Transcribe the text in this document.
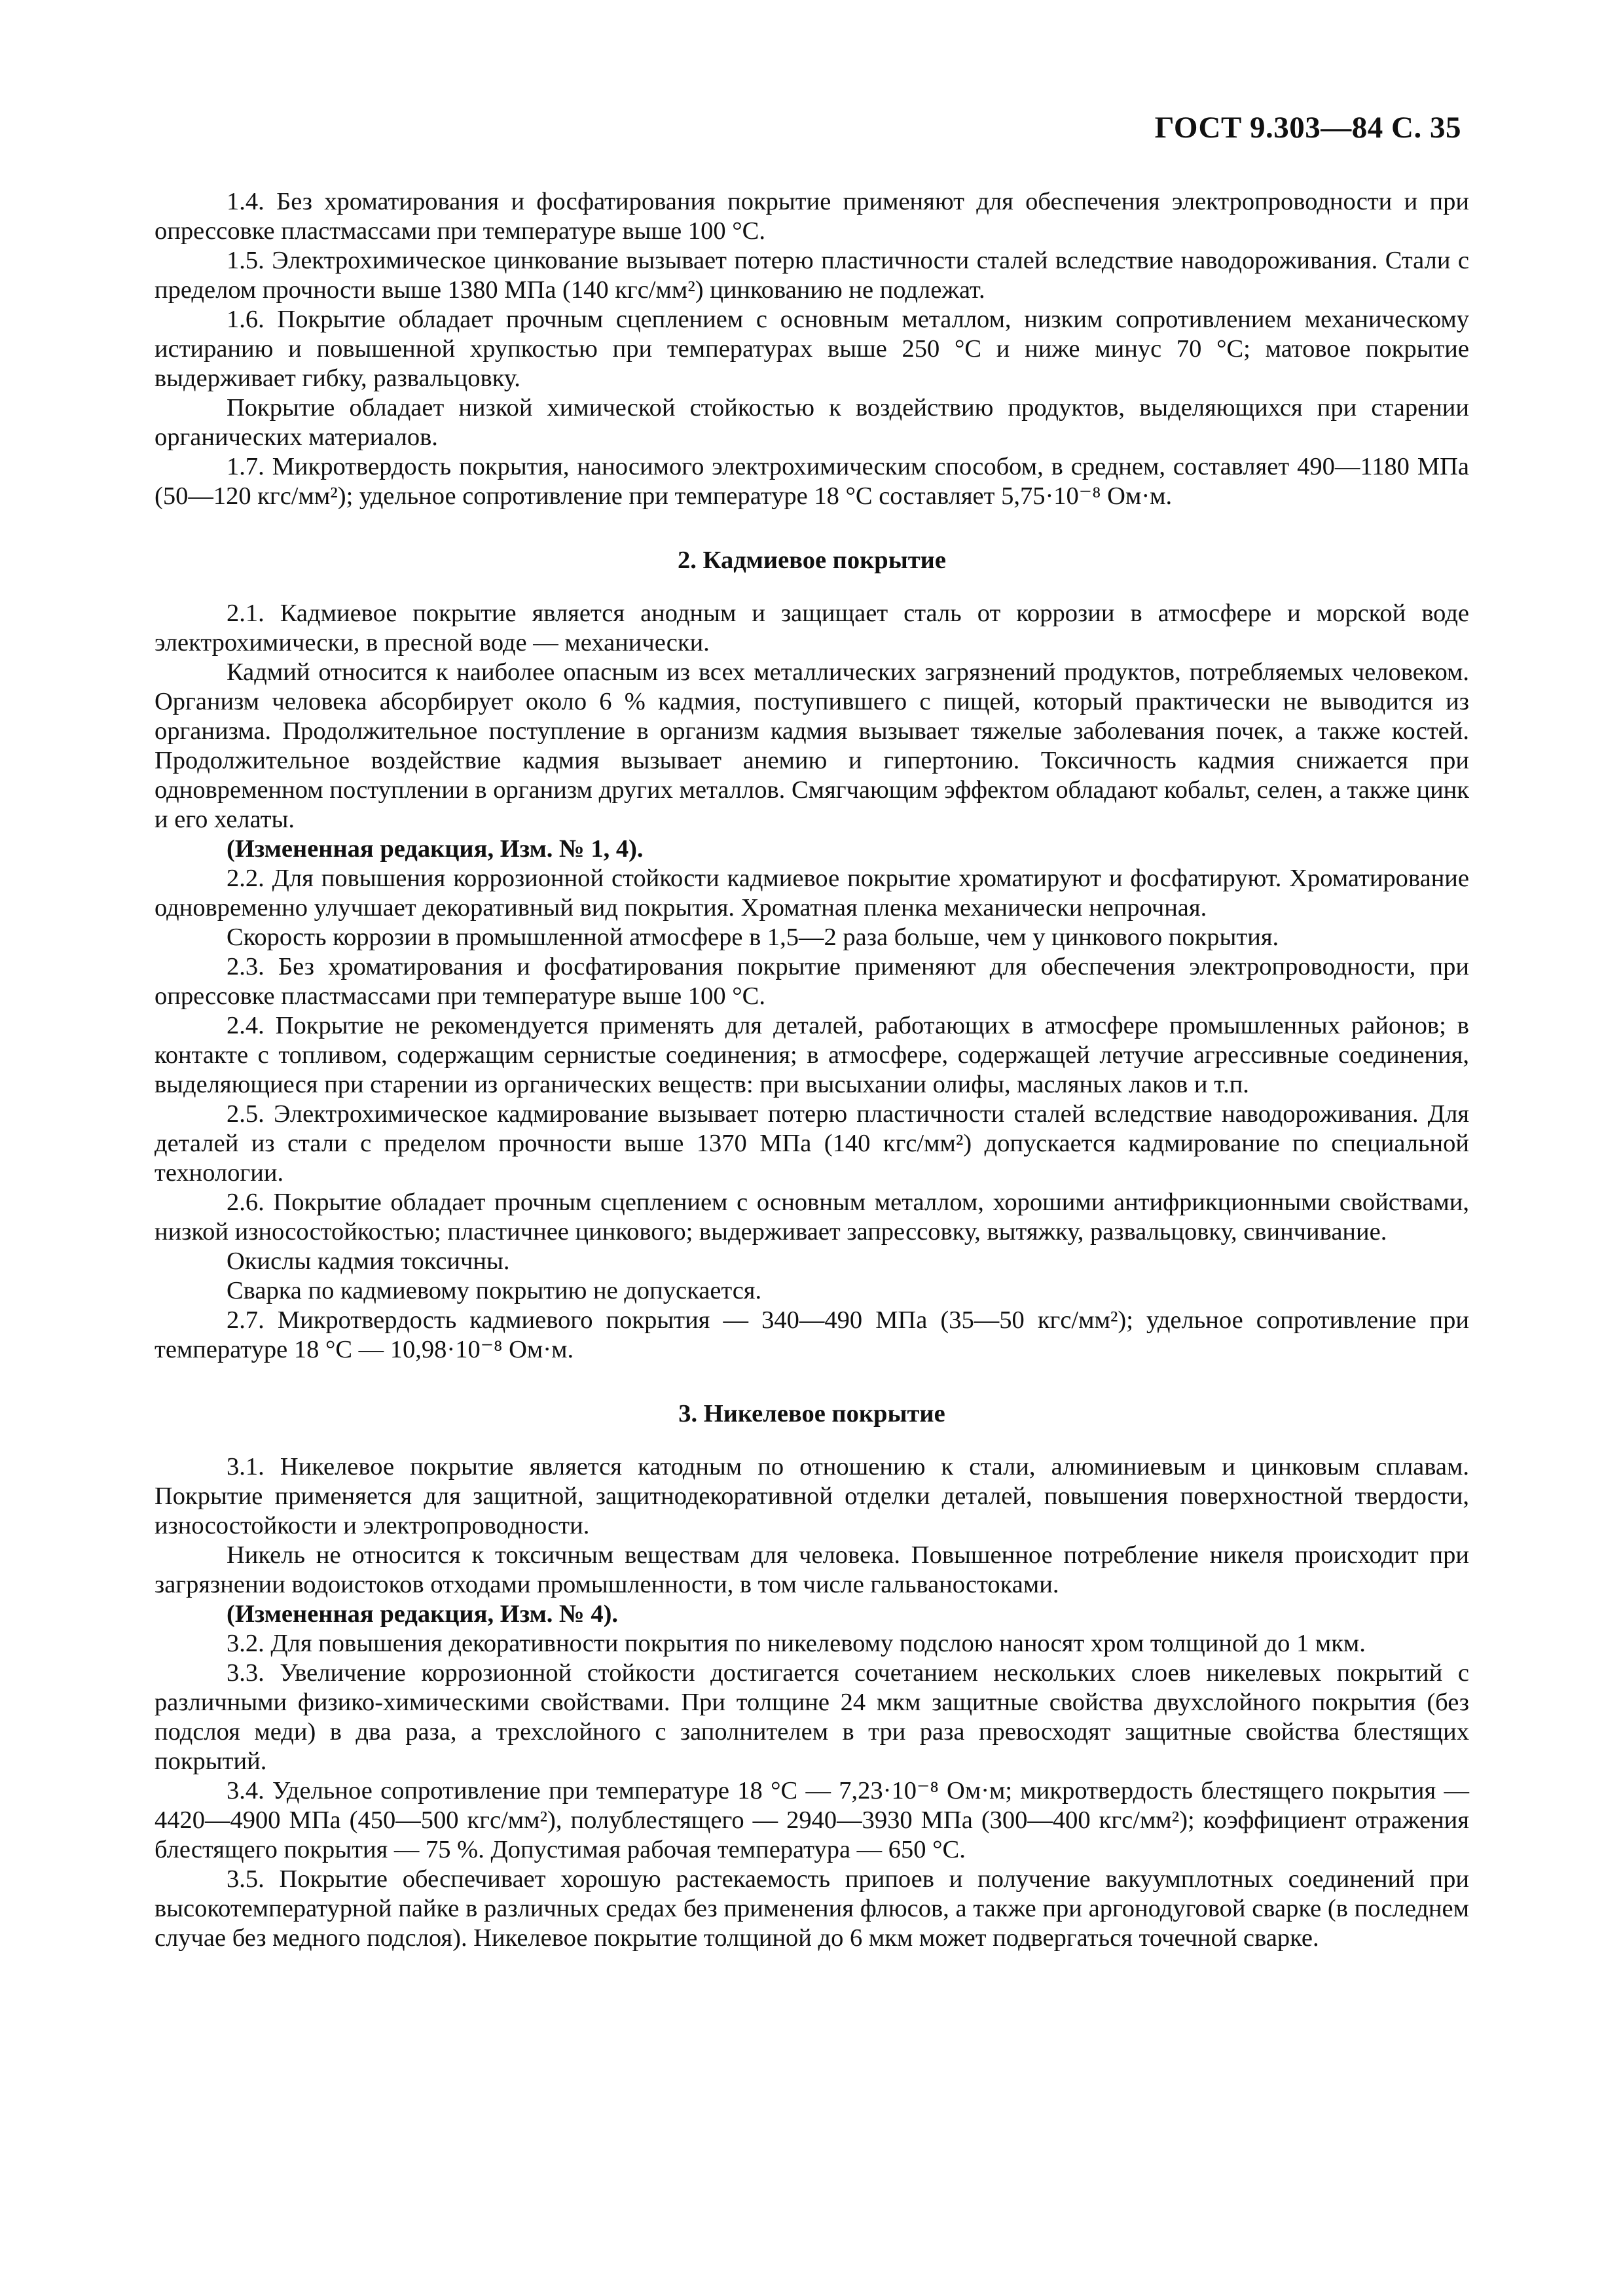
ГОСТ 9.303—84 С. 35

1.4. Без хроматирования и фосфатирования покрытие применяют для обеспечения электропроводности и при опрессовке пластмассами при температуре выше 100 °С.

1.5. Электрохимическое цинкование вызывает потерю пластичности сталей вследствие наводороживания. Стали с пределом прочности выше 1380 МПа (140 кгс/мм²) цинкованию не подлежат.

1.6. Покрытие обладает прочным сцеплением с основным металлом, низким сопротивлением механическому истиранию и повышенной хрупкостью при температурах выше 250 °С и ниже минус 70 °С; матовое покрытие выдерживает гибку, развальцовку.

Покрытие обладает низкой химической стойкостью к воздействию продуктов, выделяющихся при старении органических материалов.

1.7. Микротвердость покрытия, наносимого электрохимическим способом, в среднем, составляет 490—1180 МПа (50—120 кгс/мм²); удельное сопротивление при температуре 18 °С составляет 5,75·10⁻⁸ Ом·м.

2. Кадмиевое покрытие

2.1. Кадмиевое покрытие является анодным и защищает сталь от коррозии в атмосфере и морской воде электрохимически, в пресной воде — механически.

Кадмий относится к наиболее опасным из всех металлических загрязнений продуктов, потребляемых человеком. Организм человека абсорбирует около 6 % кадмия, поступившего с пищей, который практически не выводится из организма. Продолжительное поступление в организм кадмия вызывает тяжелые заболевания почек, а также костей. Продолжительное воздействие кадмия вызывает анемию и гипертонию. Токсичность кадмия снижается при одновременном поступлении в организм других металлов. Смягчающим эффектом обладают кобальт, селен, а также цинк и его хелаты.

(Измененная редакция, Изм. № 1, 4).

2.2. Для повышения коррозионной стойкости кадмиевое покрытие хроматируют и фосфатируют. Хроматирование одновременно улучшает декоративный вид покрытия. Хроматная пленка механически непрочная.

Скорость коррозии в промышленной атмосфере в 1,5—2 раза больше, чем у цинкового покрытия.

2.3. Без хроматирования и фосфатирования покрытие применяют для обеспечения электропроводности, при опрессовке пластмассами при температуре выше 100 °С.

2.4. Покрытие не рекомендуется применять для деталей, работающих в атмосфере промышленных районов; в контакте с топливом, содержащим сернистые соединения; в атмосфере, содержащей летучие агрессивные соединения, выделяющиеся при старении из органических веществ: при высыхании олифы, масляных лаков и т.п.

2.5. Электрохимическое кадмирование вызывает потерю пластичности сталей вследствие наводороживания. Для деталей из стали с пределом прочности выше 1370 МПа (140 кгс/мм²) допускается кадмирование по специальной технологии.

2.6. Покрытие обладает прочным сцеплением с основным металлом, хорошими антифрикционными свойствами, низкой износостойкостью; пластичнее цинкового; выдерживает запрессовку, вытяжку, развальцовку, свинчивание.

Окислы кадмия токсичны.

Сварка по кадмиевому покрытию не допускается.

2.7. Микротвердость кадмиевого покрытия — 340—490 МПа (35—50 кгс/мм²); удельное сопротивление при температуре 18 °С — 10,98·10⁻⁸ Ом·м.

3. Никелевое покрытие

3.1. Никелевое покрытие является катодным по отношению к стали, алюминиевым и цинковым сплавам. Покрытие применяется для защитной, защитнодекоративной отделки деталей, повышения поверхностной твердости, износостойкости и электропроводности.

Никель не относится к токсичным веществам для человека. Повышенное потребление никеля происходит при загрязнении водоистоков отходами промышленности, в том числе гальваностоками.

(Измененная редакция, Изм. № 4).

3.2. Для повышения декоративности покрытия по никелевому подслою наносят хром толщиной до 1 мкм.

3.3. Увеличение коррозионной стойкости достигается сочетанием нескольких слоев никелевых покрытий с различными физико-химическими свойствами. При толщине 24 мкм защитные свойства двухслойного покрытия (без подслоя меди) в два раза, а трехслойного с заполнителем в три раза превосходят защитные свойства блестящих покрытий.

3.4. Удельное сопротивление при температуре 18 °С — 7,23·10⁻⁸ Ом·м; микротвердость блестящего покрытия — 4420—4900 МПа (450—500 кгс/мм²), полублестящего — 2940—3930 МПа (300—400 кгс/мм²); коэффициент отражения блестящего покрытия — 75 %. Допустимая рабочая температура — 650 °С.

3.5. Покрытие обеспечивает хорошую растекаемость припоев и получение вакуумплотных соединений при высокотемпературной пайке в различных средах без применения флюсов, а также при аргонодуговой сварке (в последнем случае без медного подслоя). Никелевое покрытие толщиной до 6 мкм может подвергаться точечной сварке.
